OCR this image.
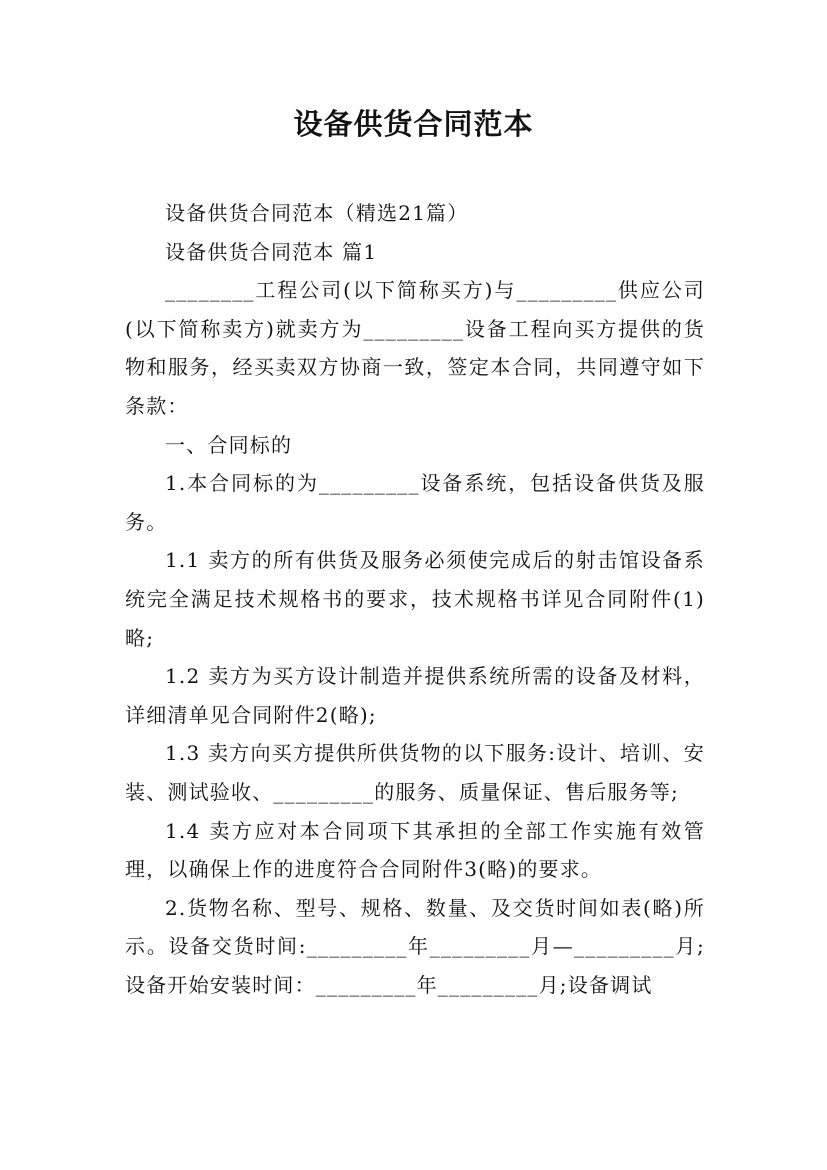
设备供货合同范本

设备供货合同范本（精选21篇）

设备供货合同范本 篇1

________工程公司(以下简称买方)与_________供应公司(以下简称卖方)就卖方为_________设备工程向买方提供的货物和服务，经买卖双方协商一致，签定本合同，共同遵守如下条款：

一、合同标的

1.本合同标的为_________设备系统，包括设备供货及服务。

1.1 卖方的所有供货及服务必须使完成后的射击馆设备系统完全满足技术规格书的要求，技术规格书详见合同附件(1)略;

1.2 卖方为买方设计制造并提供系统所需的设备及材料，详细清单见合同附件2(略);

1.3 卖方向买方提供所供货物的以下服务:设计、培训、安装、测试验收、_________的服务、质量保证、售后服务等;

1.4 卖方应对本合同项下其承担的全部工作实施有效管理，以确保上作的进度符合合同附件3(略)的要求。

2.货物名称、型号、规格、数量、及交货时间如表(略)所示。设备交货时间:_________年_________月—_________月;设备开始安装时间：_________年_________月;设备调试
